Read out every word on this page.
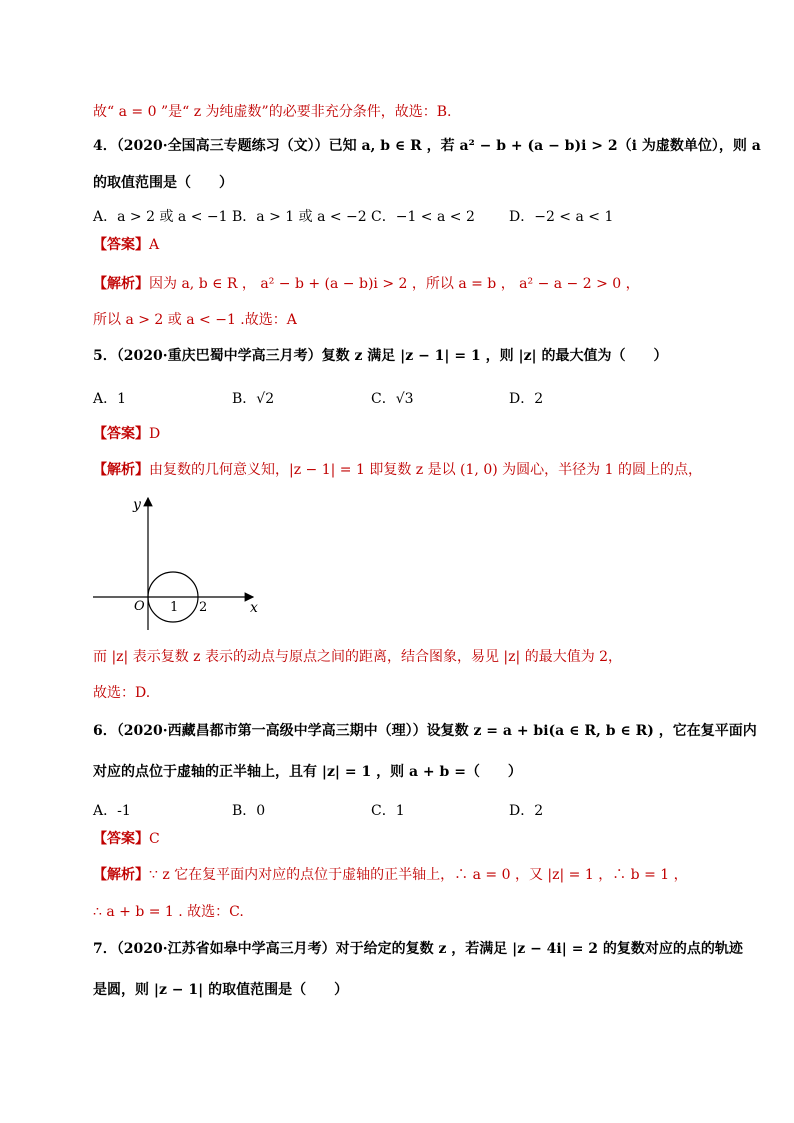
故“ a = 0 ”是“ z 为纯虚数”的必要非充分条件，故选：B.
4．（2020·全国高三专题练习（文））已知 a, b ∈ R ，若 a² − b + (a − b)i > 2（i 为虚数单位），则 a
的取值范围是（　　）
A．a > 2 或 a < −1 B．a > 1 或 a < −2 C．−1 < a < 2 D．−2 < a < 1
【答案】A
【解析】因为 a, b ∈ R ， a² − b + (a − b)i > 2 ，所以 a = b ， a² − a − 2 > 0 ，
所以 a > 2 或 a < −1 .故选：A
5．（2020·重庆巴蜀中学高三月考）复数 z 满足 |z − 1| = 1 ，则 |z| 的最大值为（　　）
A．1	B．√2	C．√3	D．2
【答案】D
【解析】由复数的几何意义知，|z − 1| = 1 即复数 z 是以 (1, 0) 为圆心，半径为 1 的圆上的点，
y
x
O 1 2
而 |z| 表示复数 z 表示的动点与原点之间的距离，结合图象，易见 |z| 的最大值为 2，
故选：D.
6．（2020·西藏昌都市第一高级中学高三期中（理））设复数 z = a + bi(a ∈ R, b ∈ R) ，它在复平面内
对应的点位于虚轴的正半轴上，且有 |z| = 1 ，则 a + b =（　　）
A．-1	B．0	C．1	D．2
【答案】C
【解析】∵ z 它在复平面内对应的点位于虚轴的正半轴上，∴ a = 0 ，又 |z| = 1 ，∴ b = 1 ，
∴ a + b = 1 . 故选：C.
7．（2020·江苏省如皋中学高三月考）对于给定的复数 z ，若满足 |z − 4i| = 2 的复数对应的点的轨迹
是圆，则 |z − 1| 的取值范围是（　　）
